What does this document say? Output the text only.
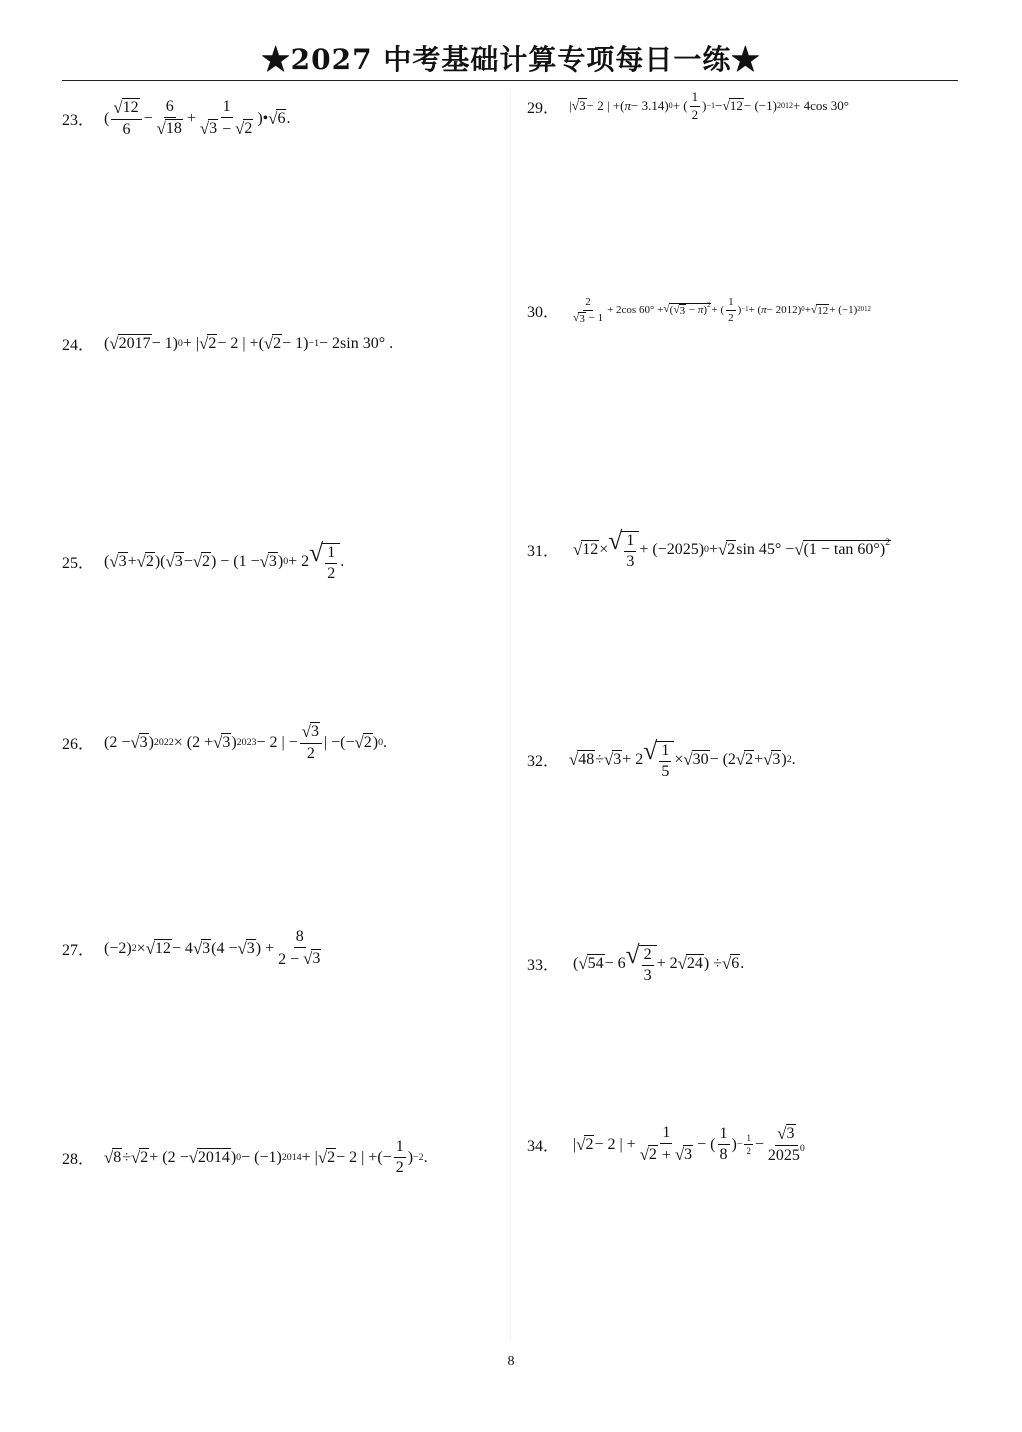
★2027 中考基础计算专项每日一练★
23． ( $\frac{√ 12}{6} - \frac{6}{√ 18} + \frac{1}{√ 3 - √ 2}$ )• √ 6 .
24． ( √ 2017 − 1) 0 + | √ 2 − 2 | +( √ 2 − 1) −1 − 2sin 30° .
25． ( √ 3 + √ 2 )( √ 3 − √ 2 ) − (1 − √ 3 ) 0 + 2 √ $\frac{1}{2}$ .
26． (2 − √ 3 ) 2022 × (2 + √ 3 ) 2023 − 2 | − $\frac{√ 3}{2}$ | −(− √ 2 ) 0 .
27． (−2) 2 × √ 12 − 4 √ 3 (4 − √ 3 ) + $\frac{8}{2 - √ 3}$
28． √ 8 ÷ √ 2 + (2 − √ 2014 ) 0 − (−1) 2014 + | √ 2 − 2 | +(− $\frac{1}{2}$ ) −2 .
29． | √ 3 − 2 | +( π − 3.14) 0 + ( $\frac{1}{2}$ ) −1 − √ 12 − (−1) 2012 + 4cos 30°
30． $\frac{2}{√ 3 - 1} + 2\cos$ 60° + √ ( √ 3 − π)$^2$ + ( $\frac{1}{2}$ ) −1 + ( π − 2012) 0 + √ 12 + (−1) 2012
31．
√ 12 × √ $\frac{1}{3} + (-2025) 0$ + √ 2 sin 45° − √ $(1 - \tan 60^\circ)^2$
32． √ 48 ÷ √ 3 + 2 √ $\frac{1}{5}$ × √ 30 − (2 √ 2 + √ 3 ) 2 .
33． ( √ 54 − 6 √ $\frac{2}{3} + 2$ √ 24 ) ÷ √ 6 .
34． | √ 2 − 2 | + $\frac{1}{√ 2 + √ 3}$ − ( $\frac{1}{8}$ ) − $\frac{1}{2} - \frac{√ 3}{2025^0}$
8
